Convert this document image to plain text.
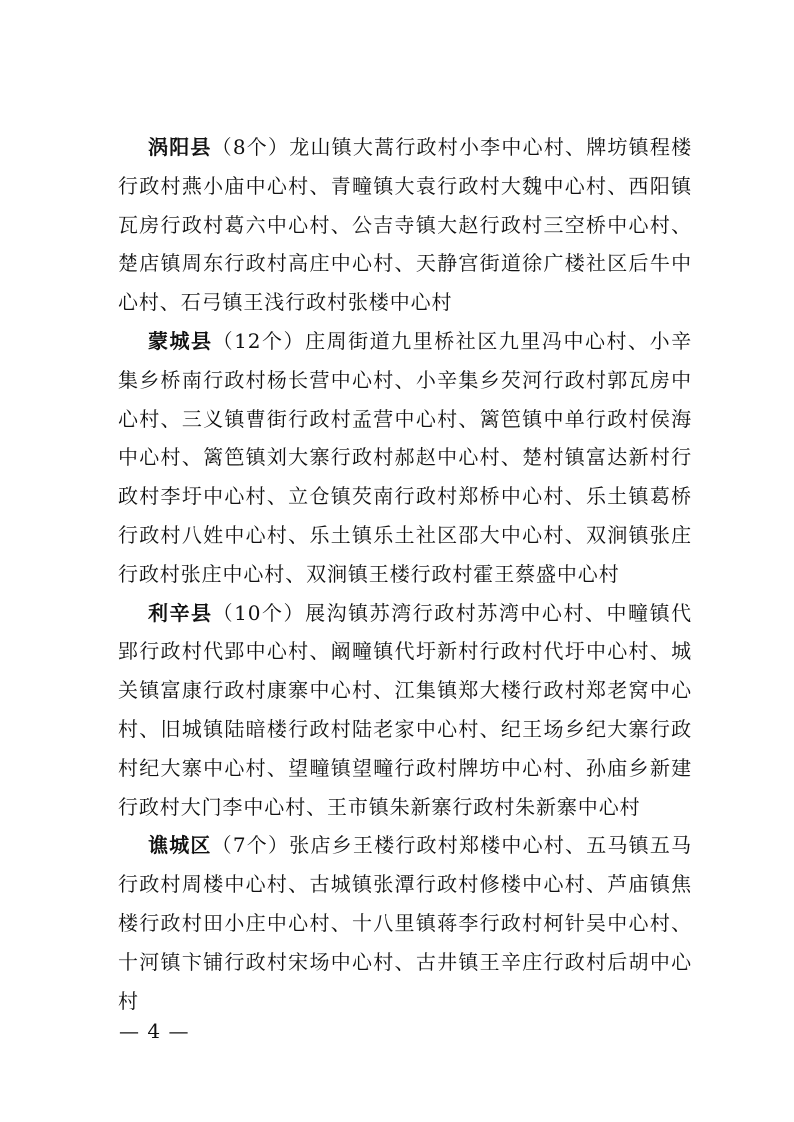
涡阳县（8个）龙山镇大蒿行政村小李中心村、牌坊镇程楼行政村燕小庙中心村、青疃镇大袁行政村大魏中心村、西阳镇瓦房行政村葛六中心村、公吉寺镇大赵行政村三空桥中心村、楚店镇周东行政村高庄中心村、天静宫街道徐广楼社区后牛中心村、石弓镇王浅行政村张楼中心村

蒙城县（12个）庄周街道九里桥社区九里冯中心村、小辛集乡桥南行政村杨长营中心村、小辛集乡芡河行政村郭瓦房中心村、三义镇曹街行政村孟营中心村、篱笆镇中单行政村侯海中心村、篱笆镇刘大寨行政村郝赵中心村、楚村镇富达新村行政村李圩中心村、立仓镇芡南行政村郑桥中心村、乐土镇葛桥行政村八姓中心村、乐土镇乐土社区邵大中心村、双涧镇张庄行政村张庄中心村、双涧镇王楼行政村霍王蔡盛中心村

利辛县（10个）展沟镇苏湾行政村苏湾中心村、中疃镇代郢行政村代郢中心村、阚疃镇代圩新村行政村代圩中心村、城关镇富康行政村康寨中心村、江集镇郑大楼行政村郑老窝中心村、旧城镇陆暗楼行政村陆老家中心村、纪王场乡纪大寨行政村纪大寨中心村、望疃镇望疃行政村牌坊中心村、孙庙乡新建行政村大门李中心村、王市镇朱新寨行政村朱新寨中心村

谯城区（7个）张店乡王楼行政村郑楼中心村、五马镇五马行政村周楼中心村、古城镇张潭行政村修楼中心村、芦庙镇焦楼行政村田小庄中心村、十八里镇蒋李行政村柯针吴中心村、十河镇卞铺行政村宋场中心村、古井镇王辛庄行政村后胡中心村

— 4 —
